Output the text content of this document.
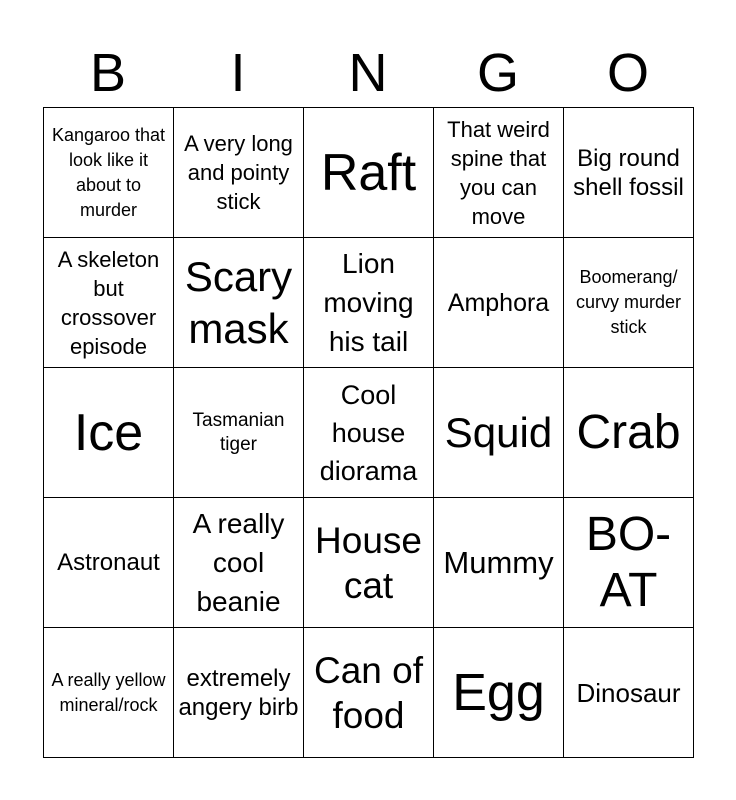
B	I	N	G	O
Kangaroo that look like it about to murder	A very long and pointy stick	Raft	That weird spine that you can move	Big round shell fossil
A skeleton but crossover episode	Scary mask	Lion moving his tail	Amphora	Boomerang/ curvy murder stick
Ice	Tasmanian tiger	Cool house diorama	Squid	Crab
Astronaut	A really cool beanie	House cat	Mummy	BO-AT
A really yellow mineral/rock	extremely angery birb	Can of food	Egg	Dinosaur
